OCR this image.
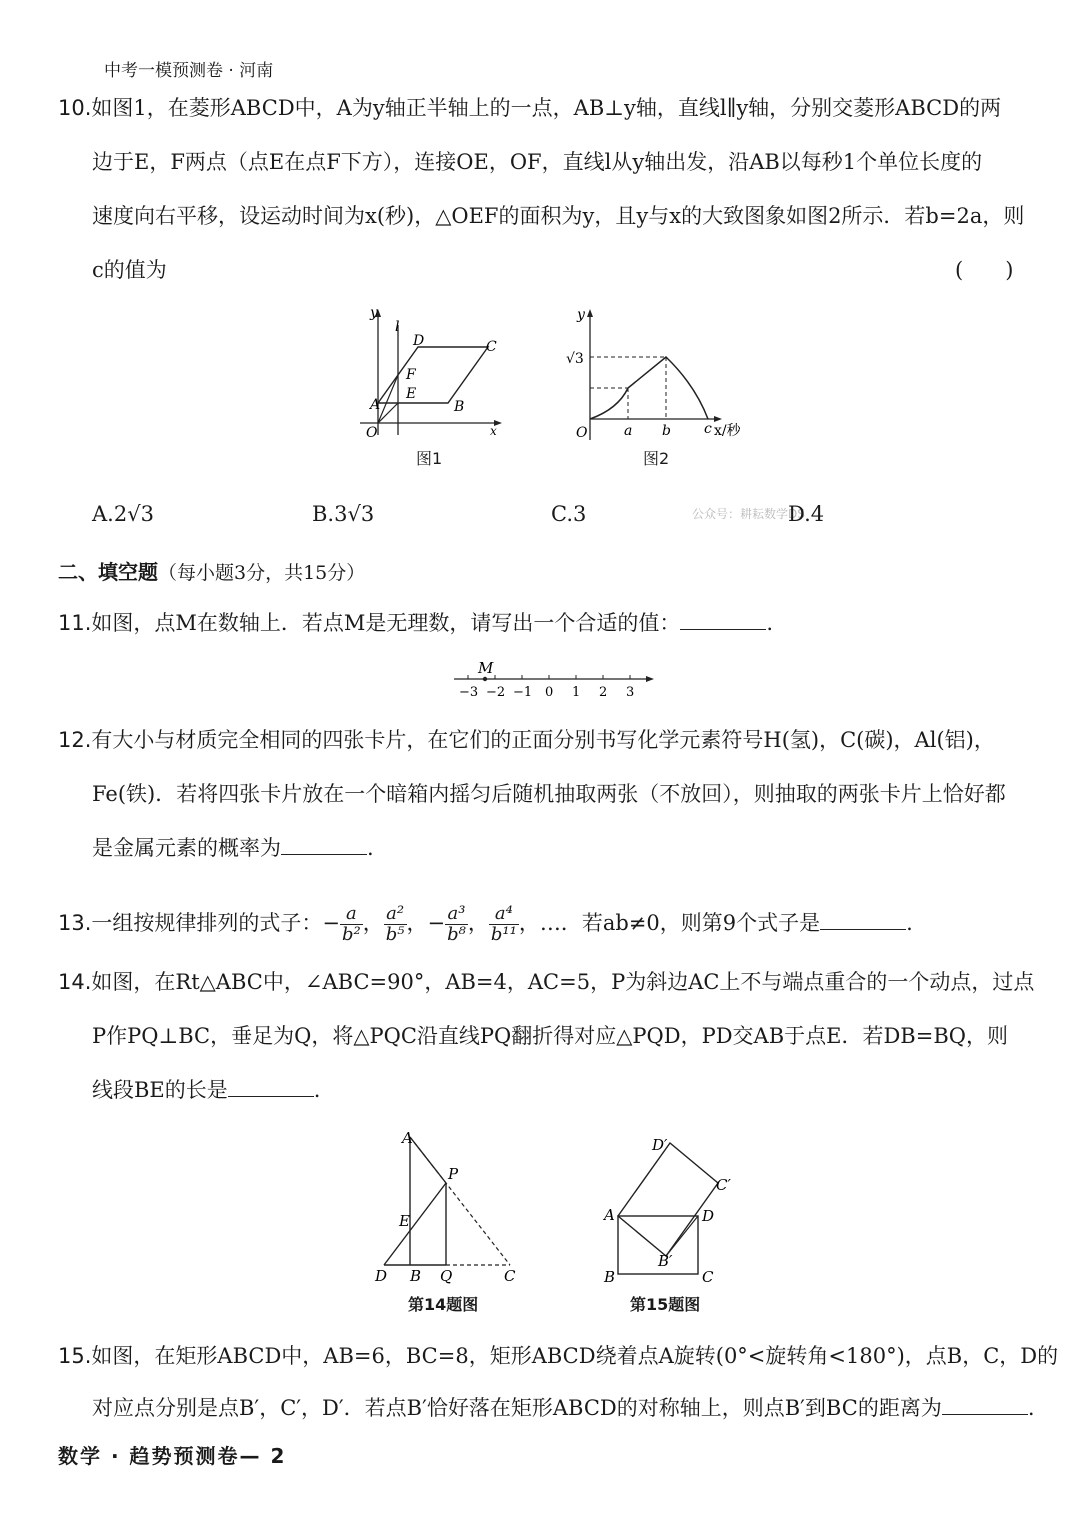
中考一模预测卷 · 河南
10.如图1，在菱形ABCD中，A为y轴正半轴上的一点，AB⊥y轴，直线l∥y轴，分别交菱形ABCD的两
边于E，F两点（点E在点F下方），连接OE，OF，直线l从y轴出发，沿AB以每秒1个单位长度的
速度向右平移，设运动时间为x(秒)，△OEF的面积为y，且y与x的大致图象如图2所示．若b=2a，则
c的值为	(　　)
y
l
D	C
F
E
A	B
O	x
图1
y
√3
O	a b c x/秒
图2
A.2√3	B.3√3	C.3	公众号：耕耘数学DS
D.4
二、填空题（每小题3分，共15分）
11.如图，点M在数轴上．若点M是无理数，请写出一个合适的值：	.
M
−3 −2 −1 0 1 2 3
12.有大小与材质完全相同的四张卡片，在它们的正面分别书写化学元素符号H(氢)，C(碳)，Al(铝)，
Fe(铁)．若将四张卡片放在一个暗箱内摇匀后随机抽取两张（不放回），则抽取的两张卡片上恰好都
是金属元素的概率为	.
13.一组按规律排列的式子：− $\frac{a}{\text{b²}}$ ， $\frac{\text{a²}}{\text{b⁵}}$ ，− $\frac{\text{a³}}{\text{b⁸}}$ ， $\frac{\text{a⁴}}{\text{b¹¹}}$ ，…．若ab≠0，则第9个式子是	.
14.如图，在Rt△ABC中，∠ABC=90°，AB=4，AC=5，P为斜边AC上不与端点重合的一个动点，过点
P作PQ⊥BC，垂足为Q，将△PQC沿直线PQ翻折得对应△PQD，PD交AB于点E．若DB=BQ，则
线段BE的长是	.
A
P
E
D B Q	C
第14题图
D′
C′
A	D
B′
B	C
第15题图
15.如图，在矩形ABCD中，AB=6，BC=8，矩形ABCD绕着点A旋转(0°<旋转角<180°)，点B，C，D的
对应点分别是点B′，C′，D′．若点B′恰好落在矩形ABCD的对称轴上，则点B′到BC的距离为	.
数学 · 趋势预测卷— 2
